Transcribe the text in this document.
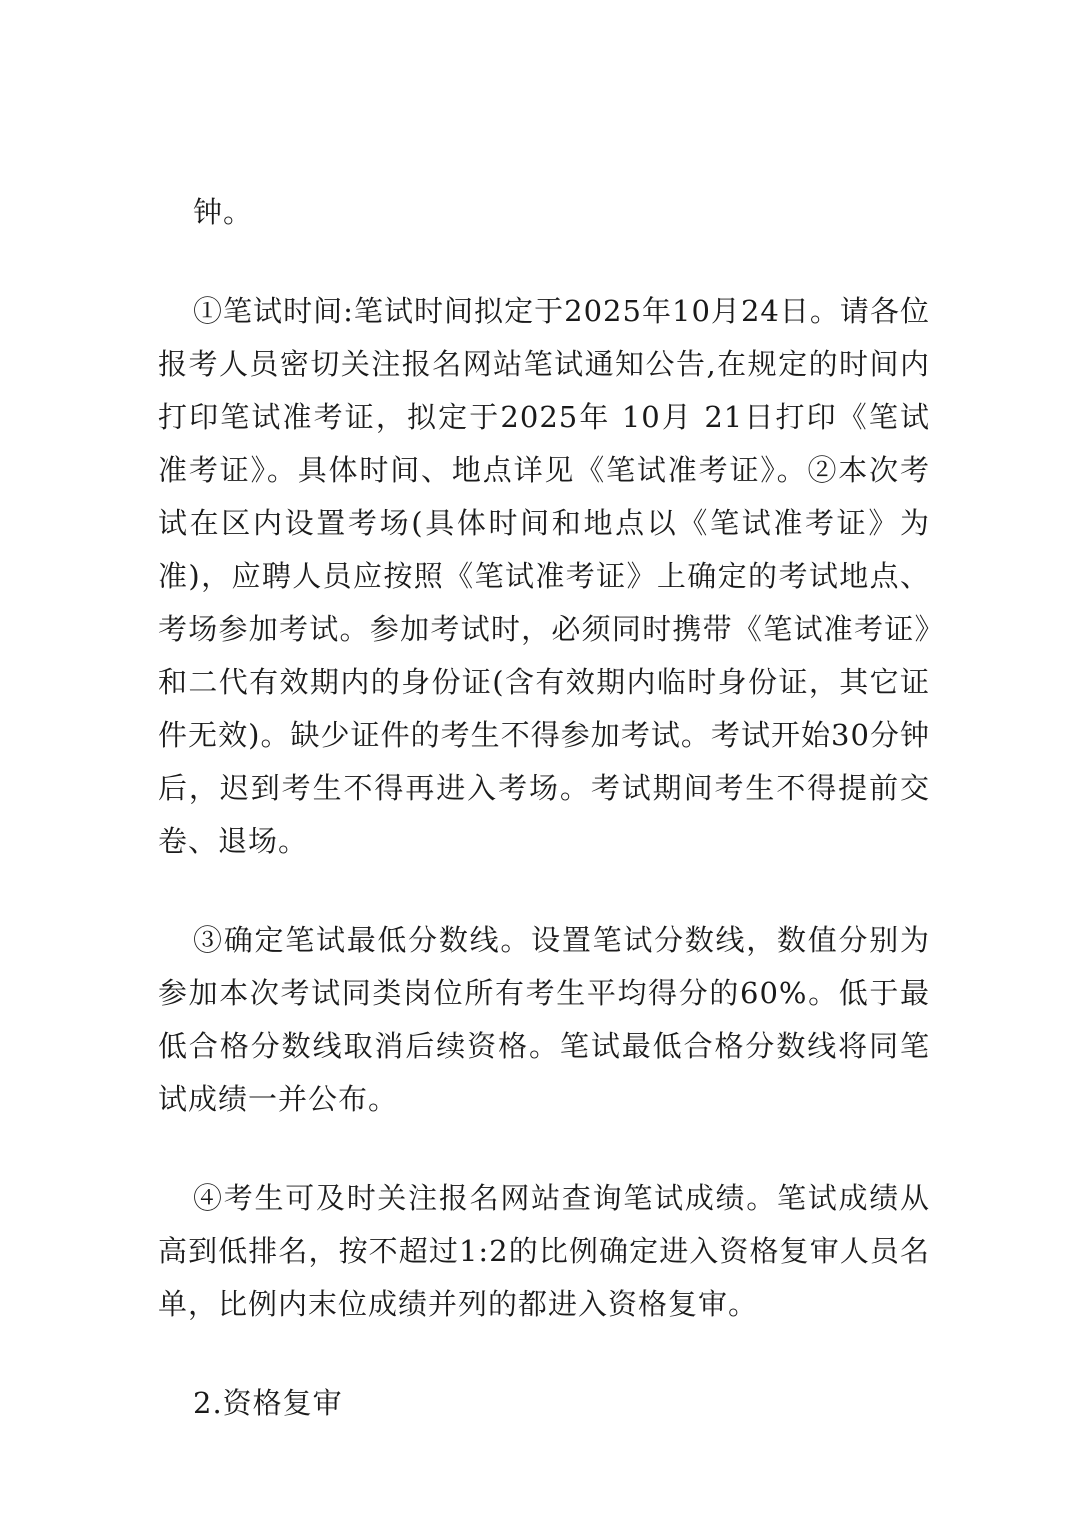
钟。

①笔试时间:笔试时间拟定于2025年10月24日。请各位报考人员密切关注报名网站笔试通知公告,在规定的时间内打印笔试准考证，拟定于2025年 10月 21日打印《笔试准考证》。具体时间、地点详见《笔试准考证》。②本次考试在区内设置考场(具体时间和地点以《笔试准考证》为准)，应聘人员应按照《笔试准考证》上确定的考试地点、考场参加考试。参加考试时，必须同时携带《笔试准考证》和二代有效期内的身份证(含有效期内临时身份证，其它证件无效)。缺少证件的考生不得参加考试。考试开始30分钟后，迟到考生不得再进入考场。考试期间考生不得提前交卷、退场。

③确定笔试最低分数线。设置笔试分数线，数值分别为参加本次考试同类岗位所有考生平均得分的60%。低于最低合格分数线取消后续资格。笔试最低合格分数线将同笔试成绩一并公布。

④考生可及时关注报名网站查询笔试成绩。笔试成绩从高到低排名，按不超过1:2的比例确定进入资格复审人员名单，比例内末位成绩并列的都进入资格复审。

2.资格复审
